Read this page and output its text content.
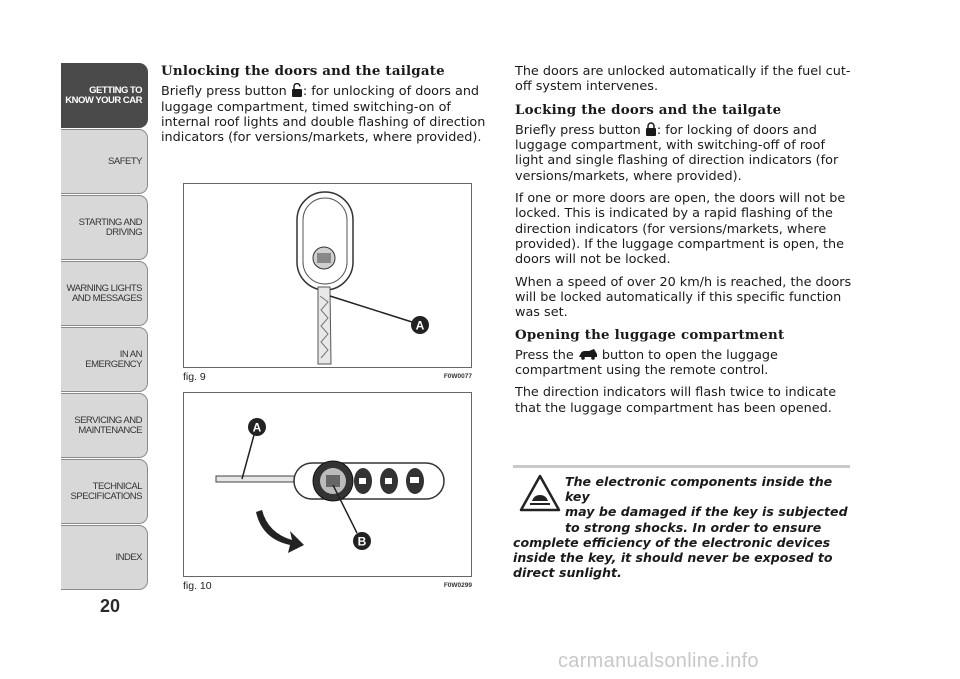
GETTING TO
KNOW YOUR CAR
SAFETY
STARTING AND
DRIVING
WARNING LIGHTS
AND MESSAGES
IN AN EMERGENCY
SERVICING AND
MAINTENANCE
TECHNICAL
SPECIFICATIONS
INDEX
20
Unlocking the doors and the tailgate

Briefly press button : for unlocking of doors and luggage compartment, timed switching-on of internal roof lights and double flashing of direction indicators (for versions/markets, where provided).

A
fig. 9	F0W0077
A
B
fig. 10	F0W0299

The doors are unlocked automatically if the fuel cut-off system intervenes.

Locking the doors and the tailgate

Briefly press button : for locking of doors and luggage compartment, with switching-off of roof light and single flashing of direction indicators (for versions/markets, where provided).

If one or more doors are open, the doors will not be locked. This is indicated by a rapid flashing of the direction indicators (for versions/markets, where provided). If the luggage compartment is open, the doors will not be locked.

When a speed of over 20 km/h is reached, the doors will be locked automatically if this specific function was set.

Opening the luggage compartment

Press the button to open the luggage compartment using the remote control.

The direction indicators will flash twice to indicate that the luggage compartment has been opened.

The electronic components inside the key
may be damaged if the key is subjected
to strong shocks. In order to ensure
complete efficiency of the electronic devices inside the key, it should never be exposed to direct sunlight.
carmanualsonline.info
